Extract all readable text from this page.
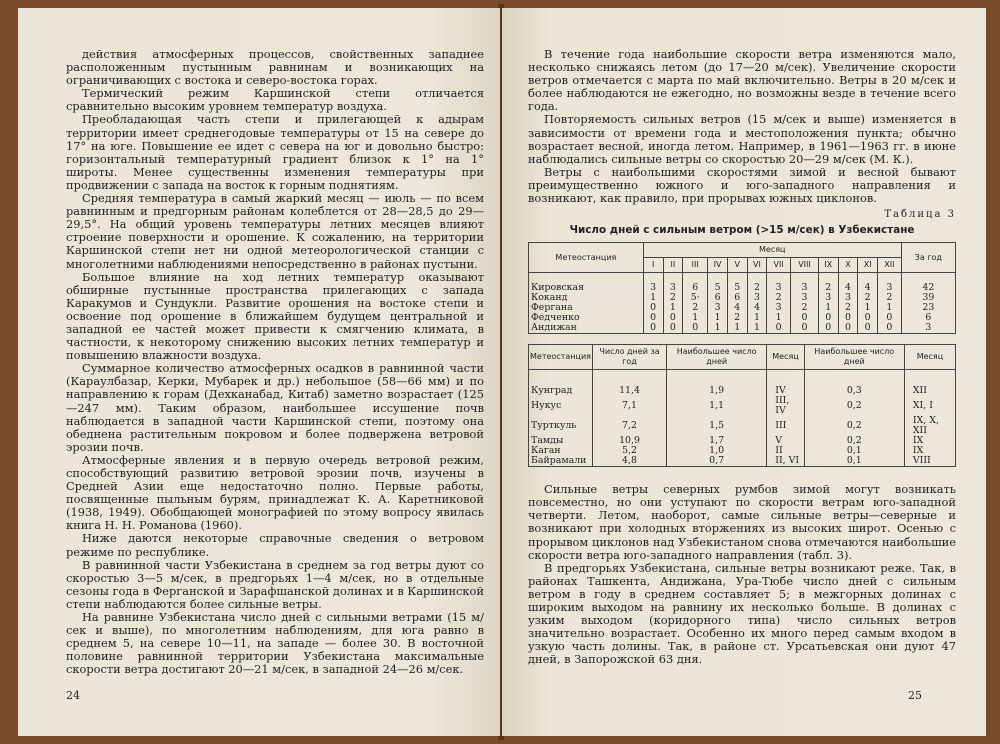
действия атмосферных процессов, свойственных западнее расположенным пустынным равнинам и возникающих на ограничивающих с востока и северо-востока горах.

Термический режим Каршинской степи отличается сравнительно высоким уровнем температур воздуха.

Преобладающая часть степи и прилегающей к адырам территории имеет среднегодовые температуры от 15 на севере до 17° на юге. Повышение ее идет с севера на юг и довольно быстро: горизонтальный температурный градиент близок к 1° на 1° широты. Менее существенны изменения температуры при продвижении с запада на восток к горным поднятиям.

Средняя температура в самый жаркий месяц — июль — по всем равнинным и предгорным районам колеблется от 28—28,5 до 29—29,5°. На общий уровень температуры летних месяцев влияют строение поверхности и орошение. К сожалению, на территории Каршинской степи нет ни одной метеорологической станции с многолетними наблюдениями непосредственно в районах пустыни.

Большое влияние на ход летних температур оказывают обширные пустынные пространства прилегающих с запада Каракумов и Сундукли. Развитие орошения на востоке степи и освоение под орошение в ближайшем будущем центральной и западной ее частей может привести к смягчению климата, в частности, к некоторому снижению высоких летних температур и повышению влажности воздуха.

Суммарное количество атмосферных осадков в равнинной части (Караулбазар, Керки, Мубарек и др.) небольшое (58—66 мм) и по направлению к горам (Дехканабад, Китаб) заметно возрастает (125—247 мм). Таким образом, наибольшее иссушение почв наблюдается в западной части Каршинской степи, поэтому она обеднена растительным покровом и более подвержена ветровой эрозии почв.

Атмосферные явления и в первую очередь ветровой режим, способствующий развитию ветровой эрозии почв, изучены в Средней Азии еще недостаточно полно. Первые работы, посвященные пыльным бурям, принадлежат К. А. Каретниковой (1938, 1949). Обобщающей монографией по этому вопросу явилась книга Н. Н. Романова (1960).

Ниже даются некоторые справочные сведения о ветровом режиме по республике.

В равнинной части Узбекистана в среднем за год ветры дуют со скоростью 3—5 м/сек, в предгорьях 1—4 м/сек, но в отдельные сезоны года в Ферганской и Зарафшанской долинах и в Каршинской степи наблюдаются более сильные ветры.

На равнине Узбекистана число дней с сильными ветрами (15 м/сек и выше), по многолетним наблюдениям, для юга равно в среднем 5, на севере 10—11, на западе — более 30. В восточной половине равнинной территории Узбекистана максимальные скорости ветра достигают 20—21 м/сек, в западной 24—26 м/сек.

24

В течение года наибольшие скорости ветра изменяются мало, несколько снижаясь летом (до 17—20 м/сек). Увеличение скорости ветров отмечается с марта по май включительно. Ветры в 20 м/сек и более наблюдаются не ежегодно, но возможны везде в течение всего года.

Повторяемость сильных ветров (15 м/сек и выше) изменяется в зависимости от времени года и местоположения пункта; обычно возрастает весной, иногда летом. Например, в 1961—1963 гг. в июне наблюдались сильные ветры со скоростью 20—29 м/сек (М. К.).

Ветры с наибольшими скоростями зимой и весной бывают преимущественно южного и юго-западного направления и возникают, как правило, при прорывах южных циклонов.

Таблица 3
Число дней с сильным ветром (>15 м/сек) в Узбекистане
Метеостанция	Месяц												За год
	I	II	III	IV	V	VI	VII	VIII	IX	X	XI	XII	
Кировская	3	3	6	5	5	2	3	3	2	4	4	3	42
Коканд	1	2	5·	6	6	3	2	3	3	3	2	2	39
Фергана	0	1	2	3	4	4	3	2	1	2	1	1	23
Федченко	0	0	1	1	2	1	1	0	0	0	0	0	6
Андижан	0	0	0	1	1	1	0	0	0	0	0	0	3
Метеостанция	Число дней за год	Наибольшее число дней	Месяц	Наибольшее число дней	Месяц
Кунград	11,4	1,9	IV	0,3	XII
Нукус	7,1	1,1	III, IV	0,2	XI, I
Турткуль	7,2	1,5	III	0,2	IX, X, XII
Тамды	10,9	1,7	V	0,2	IX
Каган	5,2	1,0	II	0,1	IX
Байрамали	4,8	0,7	II, VI	0,1	VIII

Сильные ветры северных румбов зимой могут возникать повсеместно, но они уступают по скорости ветрам юго-западной четверти. Летом, наоборот, самые сильные ветры—северные и возникают при холодных вторжениях из высоких широт. Осенью с прорывом циклонов над Узбекистаном снова отмечаются наибольшие скорости ветра юго-западного направления (табл. 3).

В предгорьях Узбекистана, сильные ветры возникают реже. Так, в районах Ташкента, Андижана, Ура-Тюбе число дней с сильным ветром в году в среднем составляет 5; в межгорных долинах с широким выходом на равнину их несколько больше. В долинах с узким выходом (коридорного типа) число сильных ветров значительно возрастает. Особенно их много перед самым входом в узкую часть долины. Так, в районе ст. Урсатьевская они дуют 47 дней, в Запорожской 63 дня.

25
